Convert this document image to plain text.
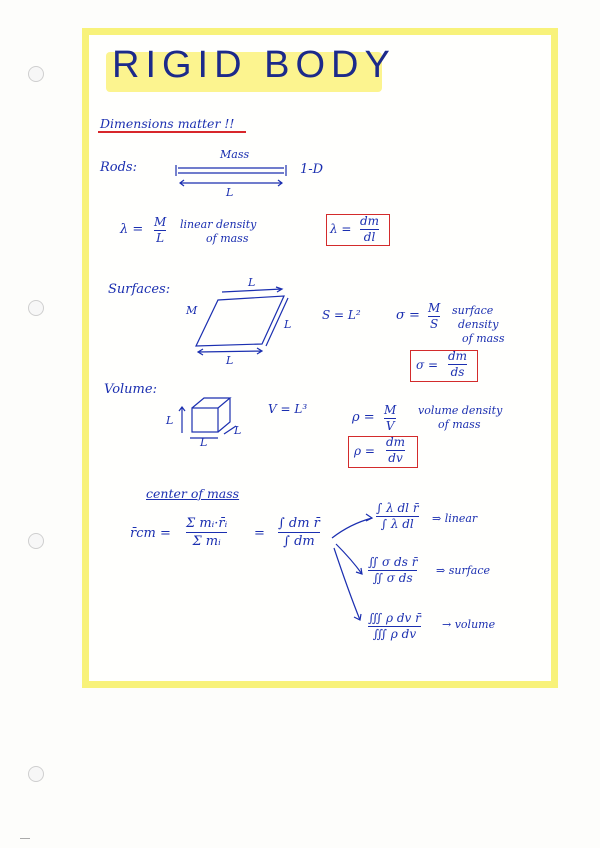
RIGID BODY
Dimensions matter !!
Rods:
Mass
1-D
L
λ = M
L
linear density
of mass
λ =
dm
dl
Surfaces:
M
L
L
L
S = L²	σ = M
S
surface
density
of mass
σ =
dm
ds
Volume:
L
L
L
V = L³
ρ = M
V
volume density
of mass
ρ =
dm
dv
center of mass
r̄cm =
Σ mᵢ·r̄ᵢ
Σ mᵢ
=
∫ dm r̄
∫ dm
∫ λ dl r̄
∫ λ dl ⇒ linear
∬ σ ds r̄
∬ σ ds
⇒ surface
∭ ρ dv r̄
∭ ρ dv
→ volume
